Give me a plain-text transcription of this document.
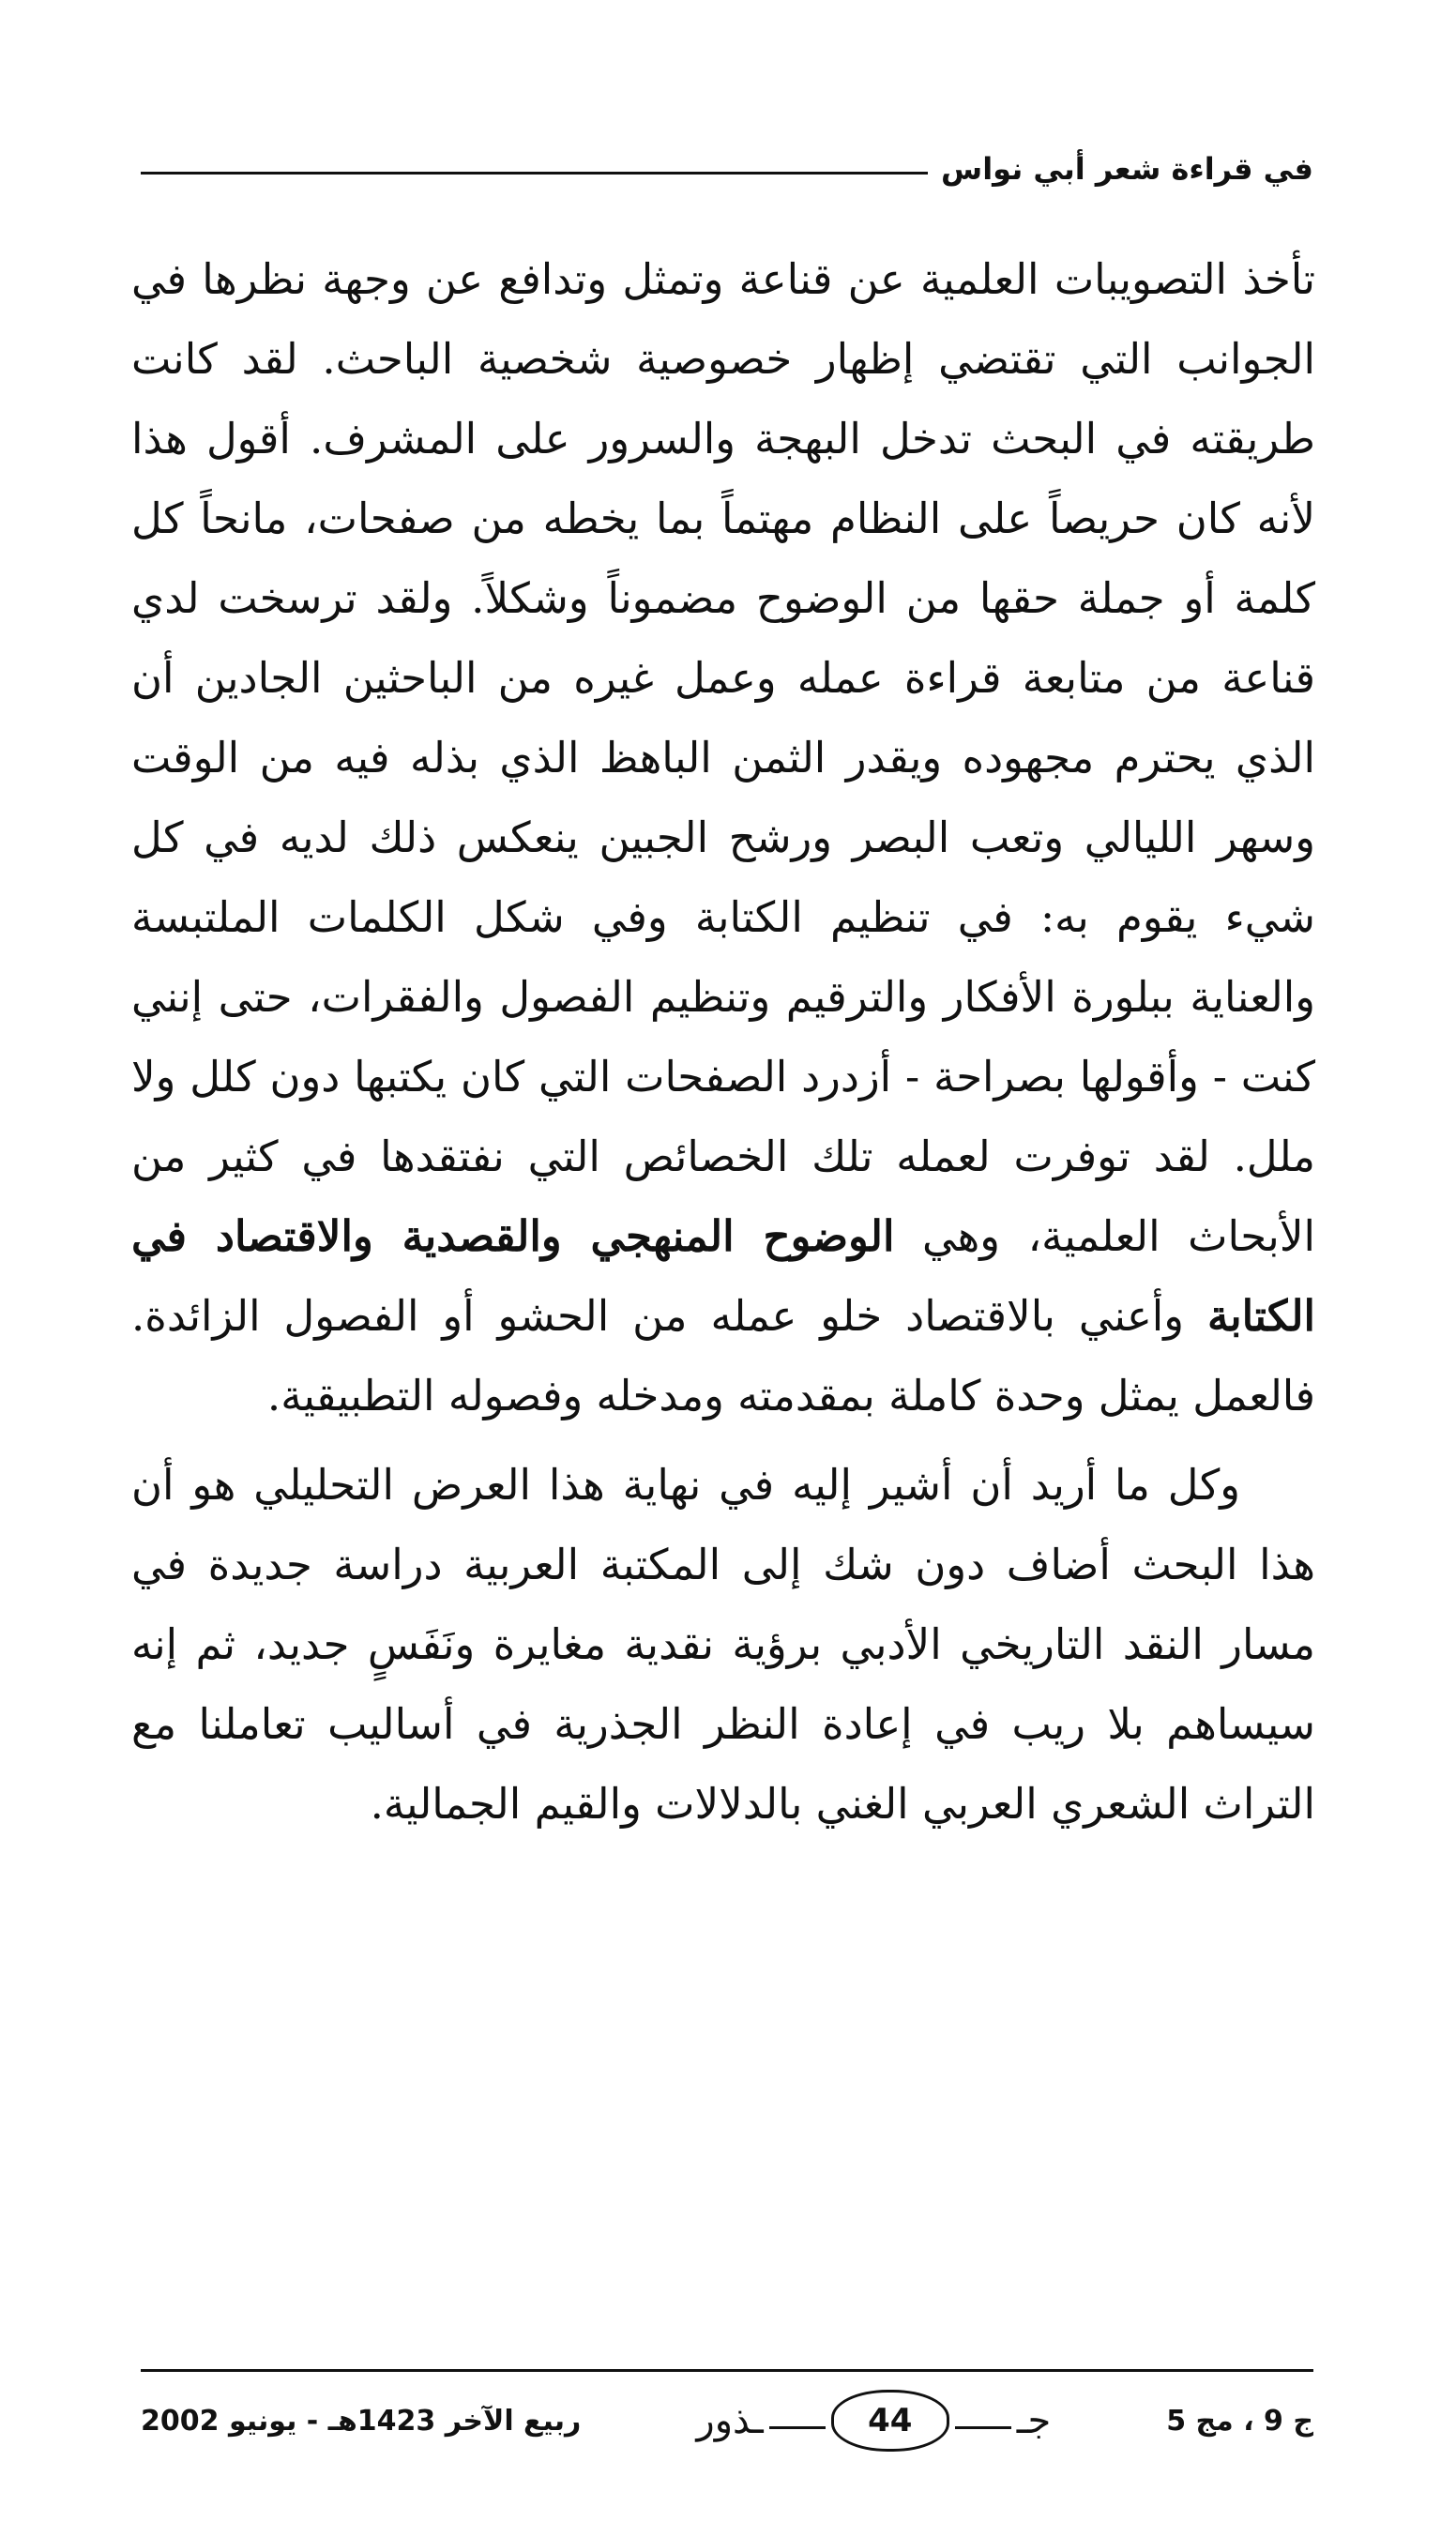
في قراءة شعر أبي نواس

تأخذ التصويبات العلمية عن قناعة وتمثل وتدافع عن وجهة نظرها في الجوانب التي تقتضي إظهار خصوصية شخصية الباحث. لقد كانت طريقته في البحث تدخل البهجة والسرور على المشرف. أقول هذا لأنه كان حريصاً على النظام مهتماً بما يخطه من صفحات، مانحاً كل كلمة أو جملة حقها من الوضوح مضموناً وشكلاً. ولقد ترسخت لدي قناعة من متابعة قراءة عمله وعمل غيره من الباحثين الجادين أن الذي يحترم مجهوده ويقدر الثمن الباهظ الذي بذله فيه من الوقت وسهر الليالي وتعب البصر ورشح الجبين ينعكس ذلك لديه في كل شيء يقوم به: في تنظيم الكتابة وفي شكل الكلمات الملتبسة والعناية ببلورة الأفكار والترقيم وتنظيم الفصول والفقرات، حتى إنني كنت - وأقولها بصراحة - أزدرد الصفحات التي كان يكتبها دون كلل ولا ملل. لقد توفرت لعمله تلك الخصائص التي نفتقدها في كثير من الأبحاث العلمية، وهي الوضوح المنهجي والقصدية والاقتصاد في الكتابة وأعني بالاقتصاد خلو عمله من الحشو أو الفصول الزائدة. فالعمل يمثل وحدة كاملة بمقدمته ومدخله وفصوله التطبيقية.

وكل ما أريد أن أشير إليه في نهاية هذا العرض التحليلي هو أن هذا البحث أضاف دون شك إلى المكتبة العربية دراسة جديدة في مسار النقد التاريخي الأدبي برؤية نقدية مغايرة ونَفَسٍ جديد، ثم إنه سيساهم بلا ريب في إعادة النظر الجذرية في أساليب تعاملنا مع التراث الشعري العربي الغني بالدلالات والقيم الجمالية.

ج 9 ، مج 5
جـ
44
ـذور
ربيع الآخر 1423هـ - يونيو 2002
